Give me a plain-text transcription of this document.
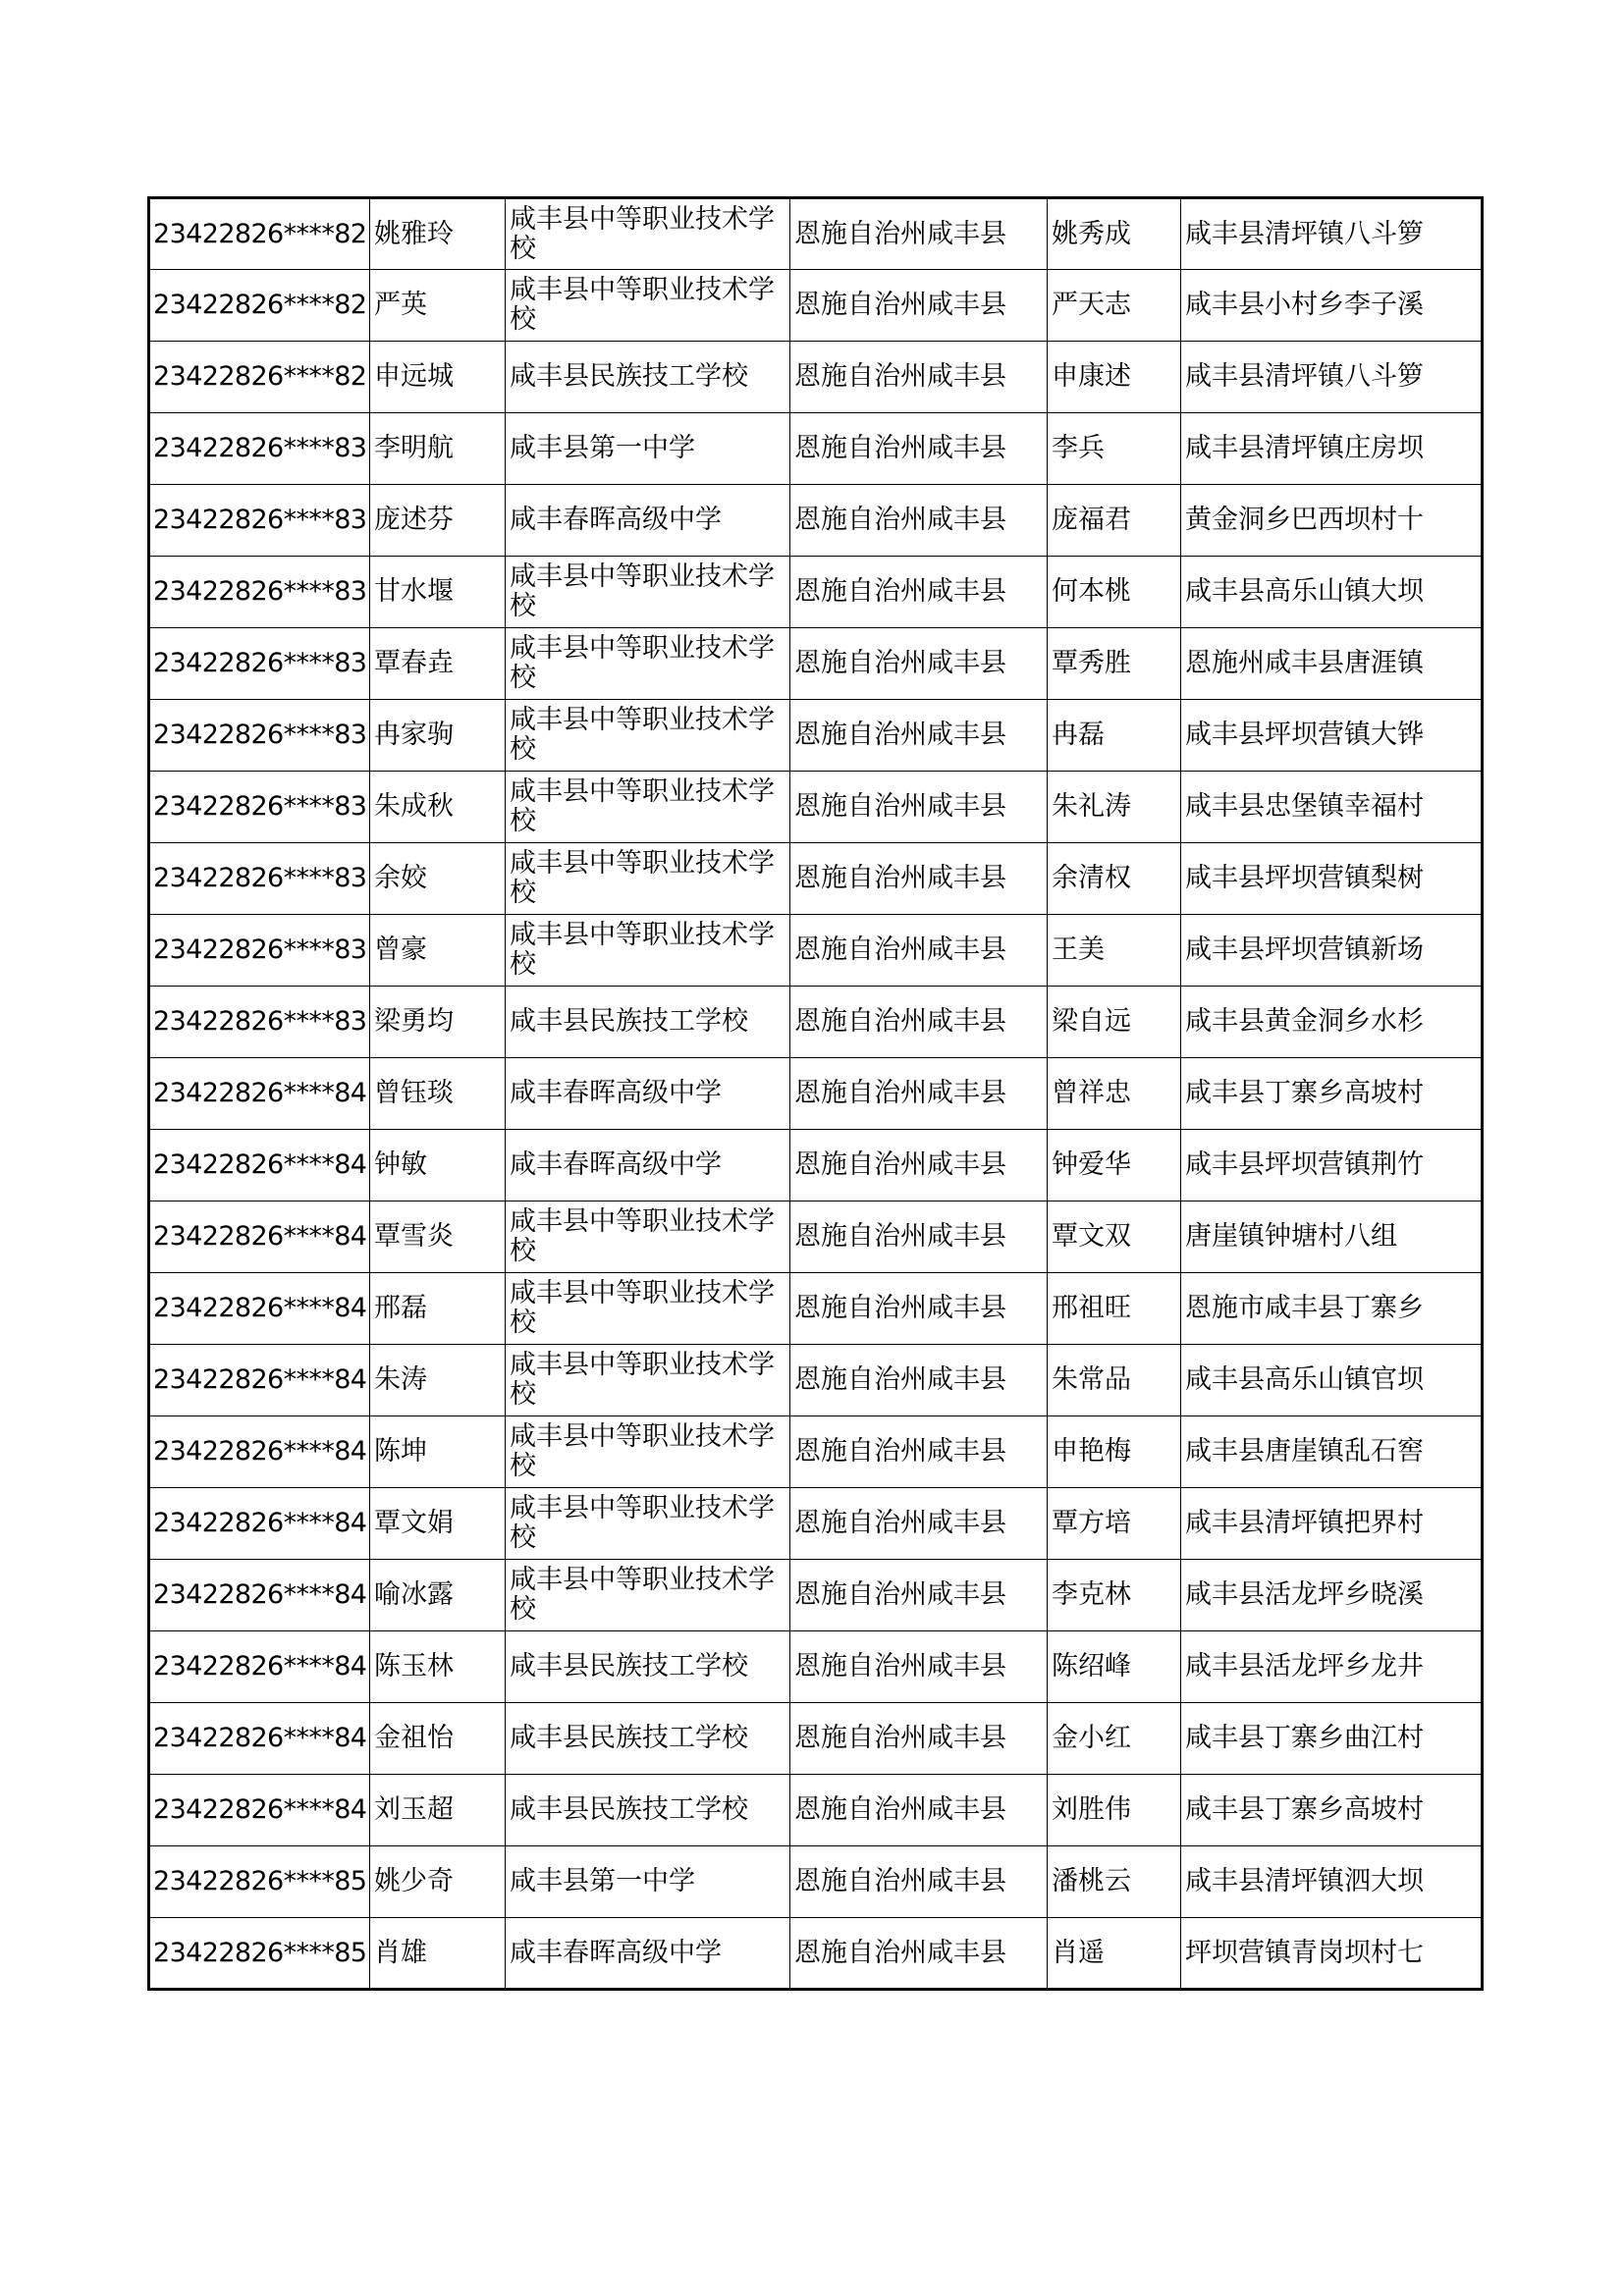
23422826****82	姚雅玲	咸丰县中等职业技术学校	恩施自治州咸丰县	姚秀成	咸丰县清坪镇八斗箩
23422826****82	严英	咸丰县中等职业技术学校	恩施自治州咸丰县	严天志	咸丰县小村乡李子溪
23422826****82	申远城	咸丰县民族技工学校	恩施自治州咸丰县	申康述	咸丰县清坪镇八斗箩
23422826****83	李明航	咸丰县第一中学	恩施自治州咸丰县	李兵	咸丰县清坪镇庄房坝
23422826****83	庞述芬	咸丰春晖高级中学	恩施自治州咸丰县	庞福君	黄金洞乡巴西坝村十
23422826****83	甘水堰	咸丰县中等职业技术学校	恩施自治州咸丰县	何本桃	咸丰县高乐山镇大坝
23422826****83	覃春垚	咸丰县中等职业技术学校	恩施自治州咸丰县	覃秀胜	恩施州咸丰县唐涯镇
23422826****83	冉家驹	咸丰县中等职业技术学校	恩施自治州咸丰县	冉磊	咸丰县坪坝营镇大铧
23422826****83	朱成秋	咸丰县中等职业技术学校	恩施自治州咸丰县	朱礼涛	咸丰县忠堡镇幸福村
23422826****83	余姣	咸丰县中等职业技术学校	恩施自治州咸丰县	余清权	咸丰县坪坝营镇梨树
23422826****83	曾豪	咸丰县中等职业技术学校	恩施自治州咸丰县	王美	咸丰县坪坝营镇新场
23422826****83	梁勇均	咸丰县民族技工学校	恩施自治州咸丰县	梁自远	咸丰县黄金洞乡水杉
23422826****84	曾钰琰	咸丰春晖高级中学	恩施自治州咸丰县	曾祥忠	咸丰县丁寨乡高坡村
23422826****84	钟敏	咸丰春晖高级中学	恩施自治州咸丰县	钟爱华	咸丰县坪坝营镇荆竹
23422826****84	覃雪炎	咸丰县中等职业技术学校	恩施自治州咸丰县	覃文双	唐崖镇钟塘村八组
23422826****84	邢磊	咸丰县中等职业技术学校	恩施自治州咸丰县	邢祖旺	恩施市咸丰县丁寨乡
23422826****84	朱涛	咸丰县中等职业技术学校	恩施自治州咸丰县	朱常品	咸丰县高乐山镇官坝
23422826****84	陈坤	咸丰县中等职业技术学校	恩施自治州咸丰县	申艳梅	咸丰县唐崖镇乱石窖
23422826****84	覃文娟	咸丰县中等职业技术学校	恩施自治州咸丰县	覃方培	咸丰县清坪镇把界村
23422826****84	喻冰露	咸丰县中等职业技术学校	恩施自治州咸丰县	李克林	咸丰县活龙坪乡晓溪
23422826****84	陈玉林	咸丰县民族技工学校	恩施自治州咸丰县	陈绍峰	咸丰县活龙坪乡龙井
23422826****84	金祖怡	咸丰县民族技工学校	恩施自治州咸丰县	金小红	咸丰县丁寨乡曲江村
23422826****84	刘玉超	咸丰县民族技工学校	恩施自治州咸丰县	刘胜伟	咸丰县丁寨乡高坡村
23422826****85	姚少奇	咸丰县第一中学	恩施自治州咸丰县	潘桃云	咸丰县清坪镇泗大坝
23422826****85	肖雄	咸丰春晖高级中学	恩施自治州咸丰县	肖遥	坪坝营镇青岗坝村七
